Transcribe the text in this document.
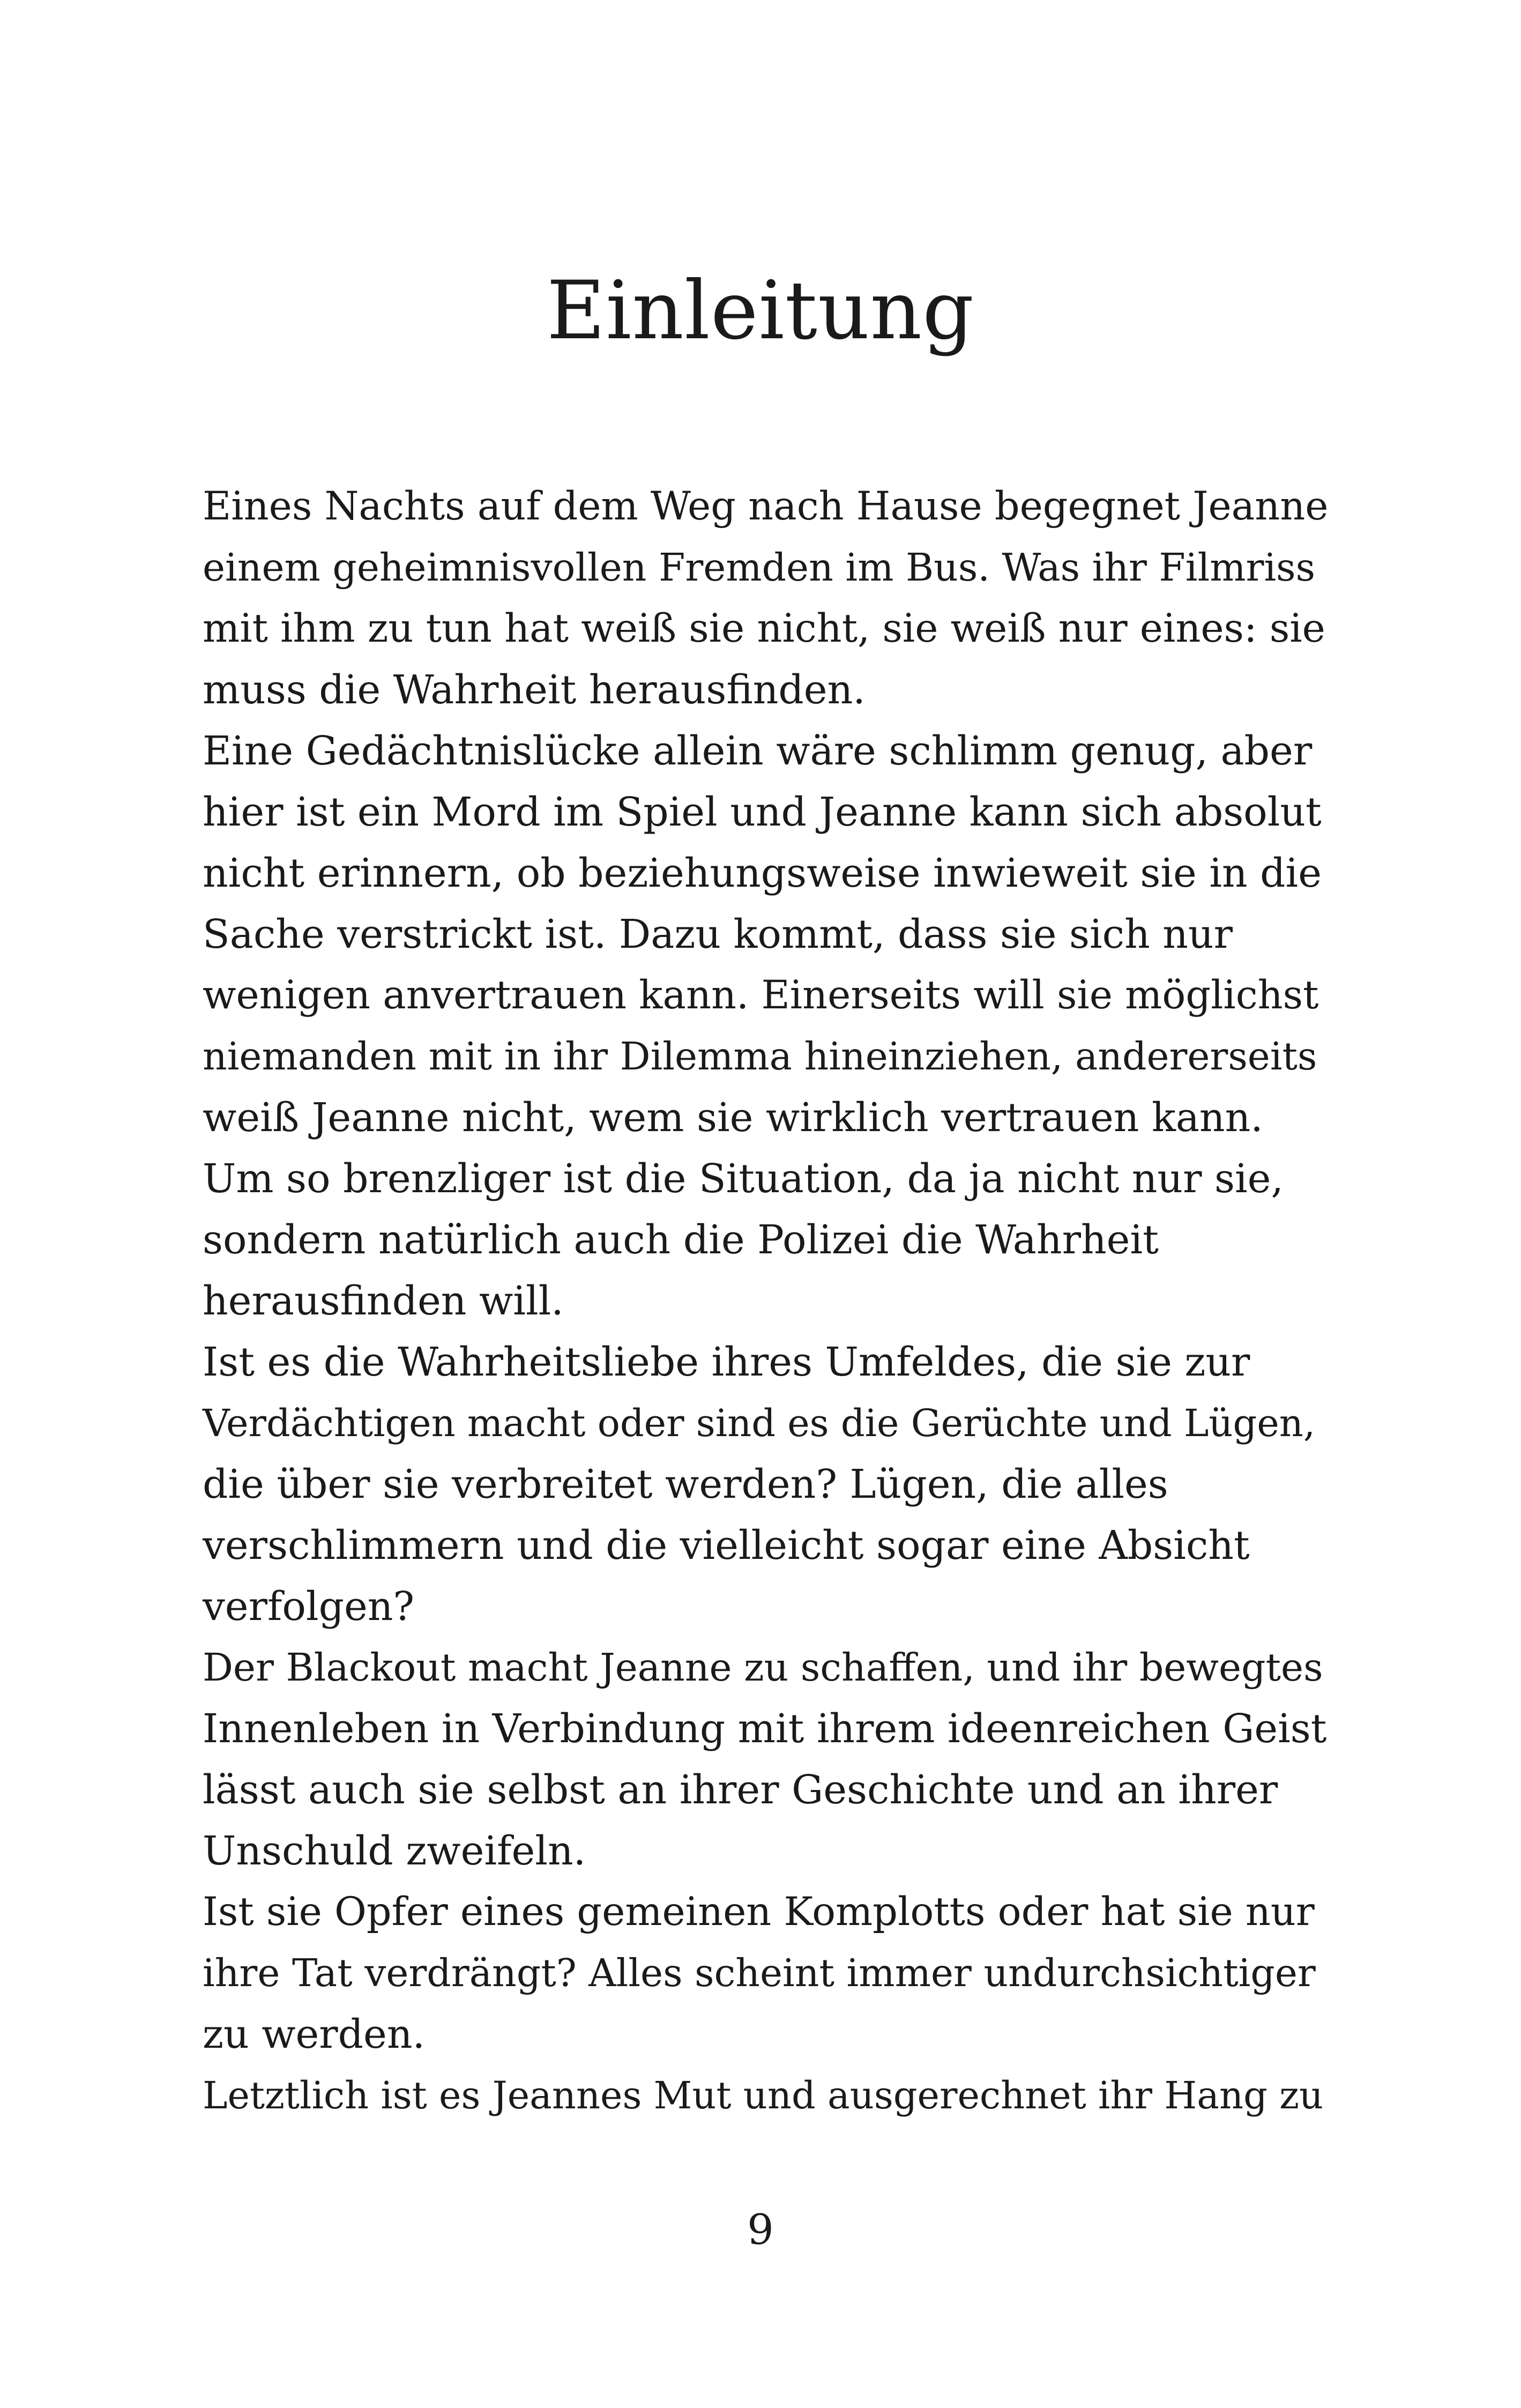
Einleitung
Eines Nachts auf dem Weg nach Hause begegnet Jeanne
einem geheimnisvollen Fremden im Bus. Was ihr Filmriss
mit ihm zu tun hat weiß sie nicht, sie weiß nur eines: sie
muss die Wahrheit herausfinden.
Eine Gedächtnislücke allein wäre schlimm genug, aber
hier ist ein Mord im Spiel und Jeanne kann sich absolut
nicht erinnern, ob beziehungsweise inwieweit sie in die
Sache verstrickt ist. Dazu kommt, dass sie sich nur
wenigen anvertrauen kann. Einerseits will sie möglichst
niemanden mit in ihr Dilemma hineinziehen, andererseits
weiß Jeanne nicht, wem sie wirklich vertrauen kann.
Um so brenzliger ist die Situation, da ja nicht nur sie,
sondern natürlich auch die Polizei die Wahrheit
herausfinden will.
Ist es die Wahrheitsliebe ihres Umfeldes, die sie zur
Verdächtigen macht oder sind es die Gerüchte und Lügen,
die über sie verbreitet werden? Lügen, die alles
verschlimmern und die vielleicht sogar eine Absicht
verfolgen?
Der Blackout macht Jeanne zu schaffen, und ihr bewegtes
Innenleben in Verbindung mit ihrem ideenreichen Geist
lässt auch sie selbst an ihrer Geschichte und an ihrer
Unschuld zweifeln.
Ist sie Opfer eines gemeinen Komplotts oder hat sie nur
ihre Tat verdrängt? Alles scheint immer undurchsichtiger
zu werden.
Letztlich ist es Jeannes Mut und ausgerechnet ihr Hang zu
9
